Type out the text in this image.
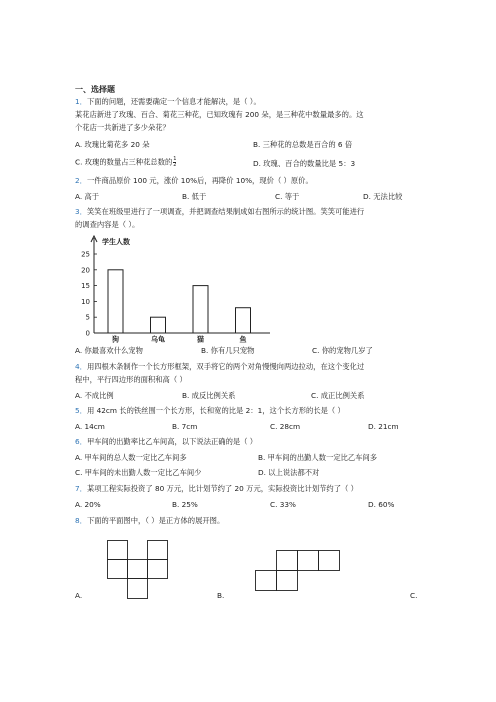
一、选择题
1．下面的问题，还需要确定一个信息才能解决，是（ ）。
某花店新进了玫瑰、百合、菊花三种花，已知玫瑰有 200 朵，是三种花中数量最多的。这
个花店一共新进了多少朵花？
A. 玫瑰比菊花多 20 朵	B. 三种花的总数是百合的 6 倍
C. 玫瑰的数量占三种花总数的 $\frac{1}{2}$	D. 玫瑰、百合的数量比是 5：3
2．一件商品原价 100 元，涨价 10%后，再降价 10%，现价（ ）原价。
A. 高于	B. 低于	C. 等于	D. 无法比较
3．笑笑在班级里进行了一项调查，并把调查结果制成如右图所示的统计图。笑笑可能进行
的调查内容是（ ）。
学生人数
0
5
10
15
20
25
狗	乌龟	猫	鱼
A. 你最喜欢什么宠物	B. 你有几只宠物	C. 你的宠物几岁了
4．用四根木条制作一个长方形框架，双手将它的两个对角慢慢向两边拉动，在这个变化过
程中，平行四边形的面积和高（ ）
A. 不成比例	B. 成反比例关系	C. 成正比例关系
5．用 42cm 长的铁丝围一个长方形，长和宽的比是 2：1，这个长方形的长是（ ）
A. 14cm	B. 7cm	C. 28cm	D. 21cm
6．甲车间的出勤率比乙车间高，以下说法正确的是（ ）
A. 甲车间的总人数一定比乙车间多	B. 甲车间的出勤人数一定比乙车间多
C. 甲车间的未出勤人数一定比乙车间少	D. 以上说法都不对
7．某项工程实际投资了 80 万元，比计划节约了 20 万元，实际投资比计划节约了（ ）
A. 20%	B. 25%	C. 33%	D. 60%
8．下面的平面图中，（ ）是正方体的展开图。
A.	B.	C.
